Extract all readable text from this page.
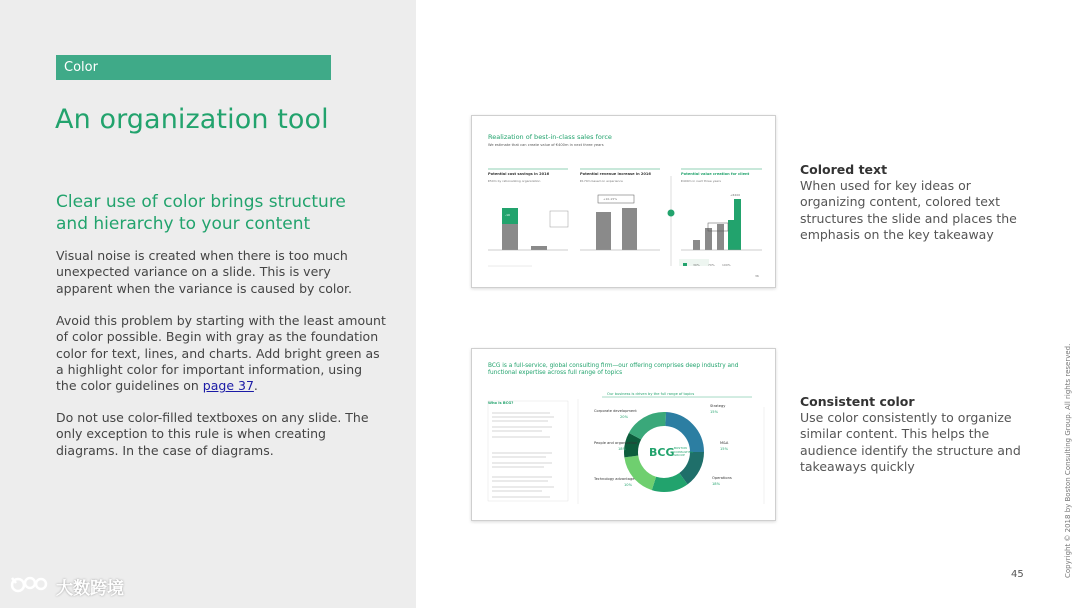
Color
An organization tool
Clear use of color brings structure and hierarchy to your content

Visual noise is created when there is too much unexpected variance on a slide. This is very apparent when the variance is caused by color.

Avoid this problem by starting with the least amount of color possible. Begin with gray as the foundation color for text, lines, and charts. Add bright green as a highlight color for important information, using the color guidelines on page 37.

Do not use color-filled textboxes on any slide. The only exception to this rule is when creating diagrams. In the case of diagrams.

大数跨境
Realization of best-in-class sales force
We estimate that can create value of €400m in next three years
Potential cost savings in 2016
€50m by rationalizing organization
Potential revenue increase in 2016
€170m based on experience
Potential value creation for client
€400m in next three years
-10
+10-15%
+€400
30%	70% 100%
36
BCG is a full-service, global consulting firm—our offering comprises deep industry and functional expertise across full range of topics
Who is BCG?
Our business is driven by the full range of topics
BCG BOSTON CONSULTING GROUP
Corporate development
20%
People and organization
18%
Technology advantage
10%
Strategy
15%
M&A
15%
Operations
18%
Colored text
When used for key ideas or organizing content, colored text structures the slide and places the emphasis on the key takeaway
Consistent color
Use color consistently to organize similar content. This helps the audience identify the structure and takeaways quickly
45	Copyright © 2018 by Boston Consulting Group. All rights reserved.
